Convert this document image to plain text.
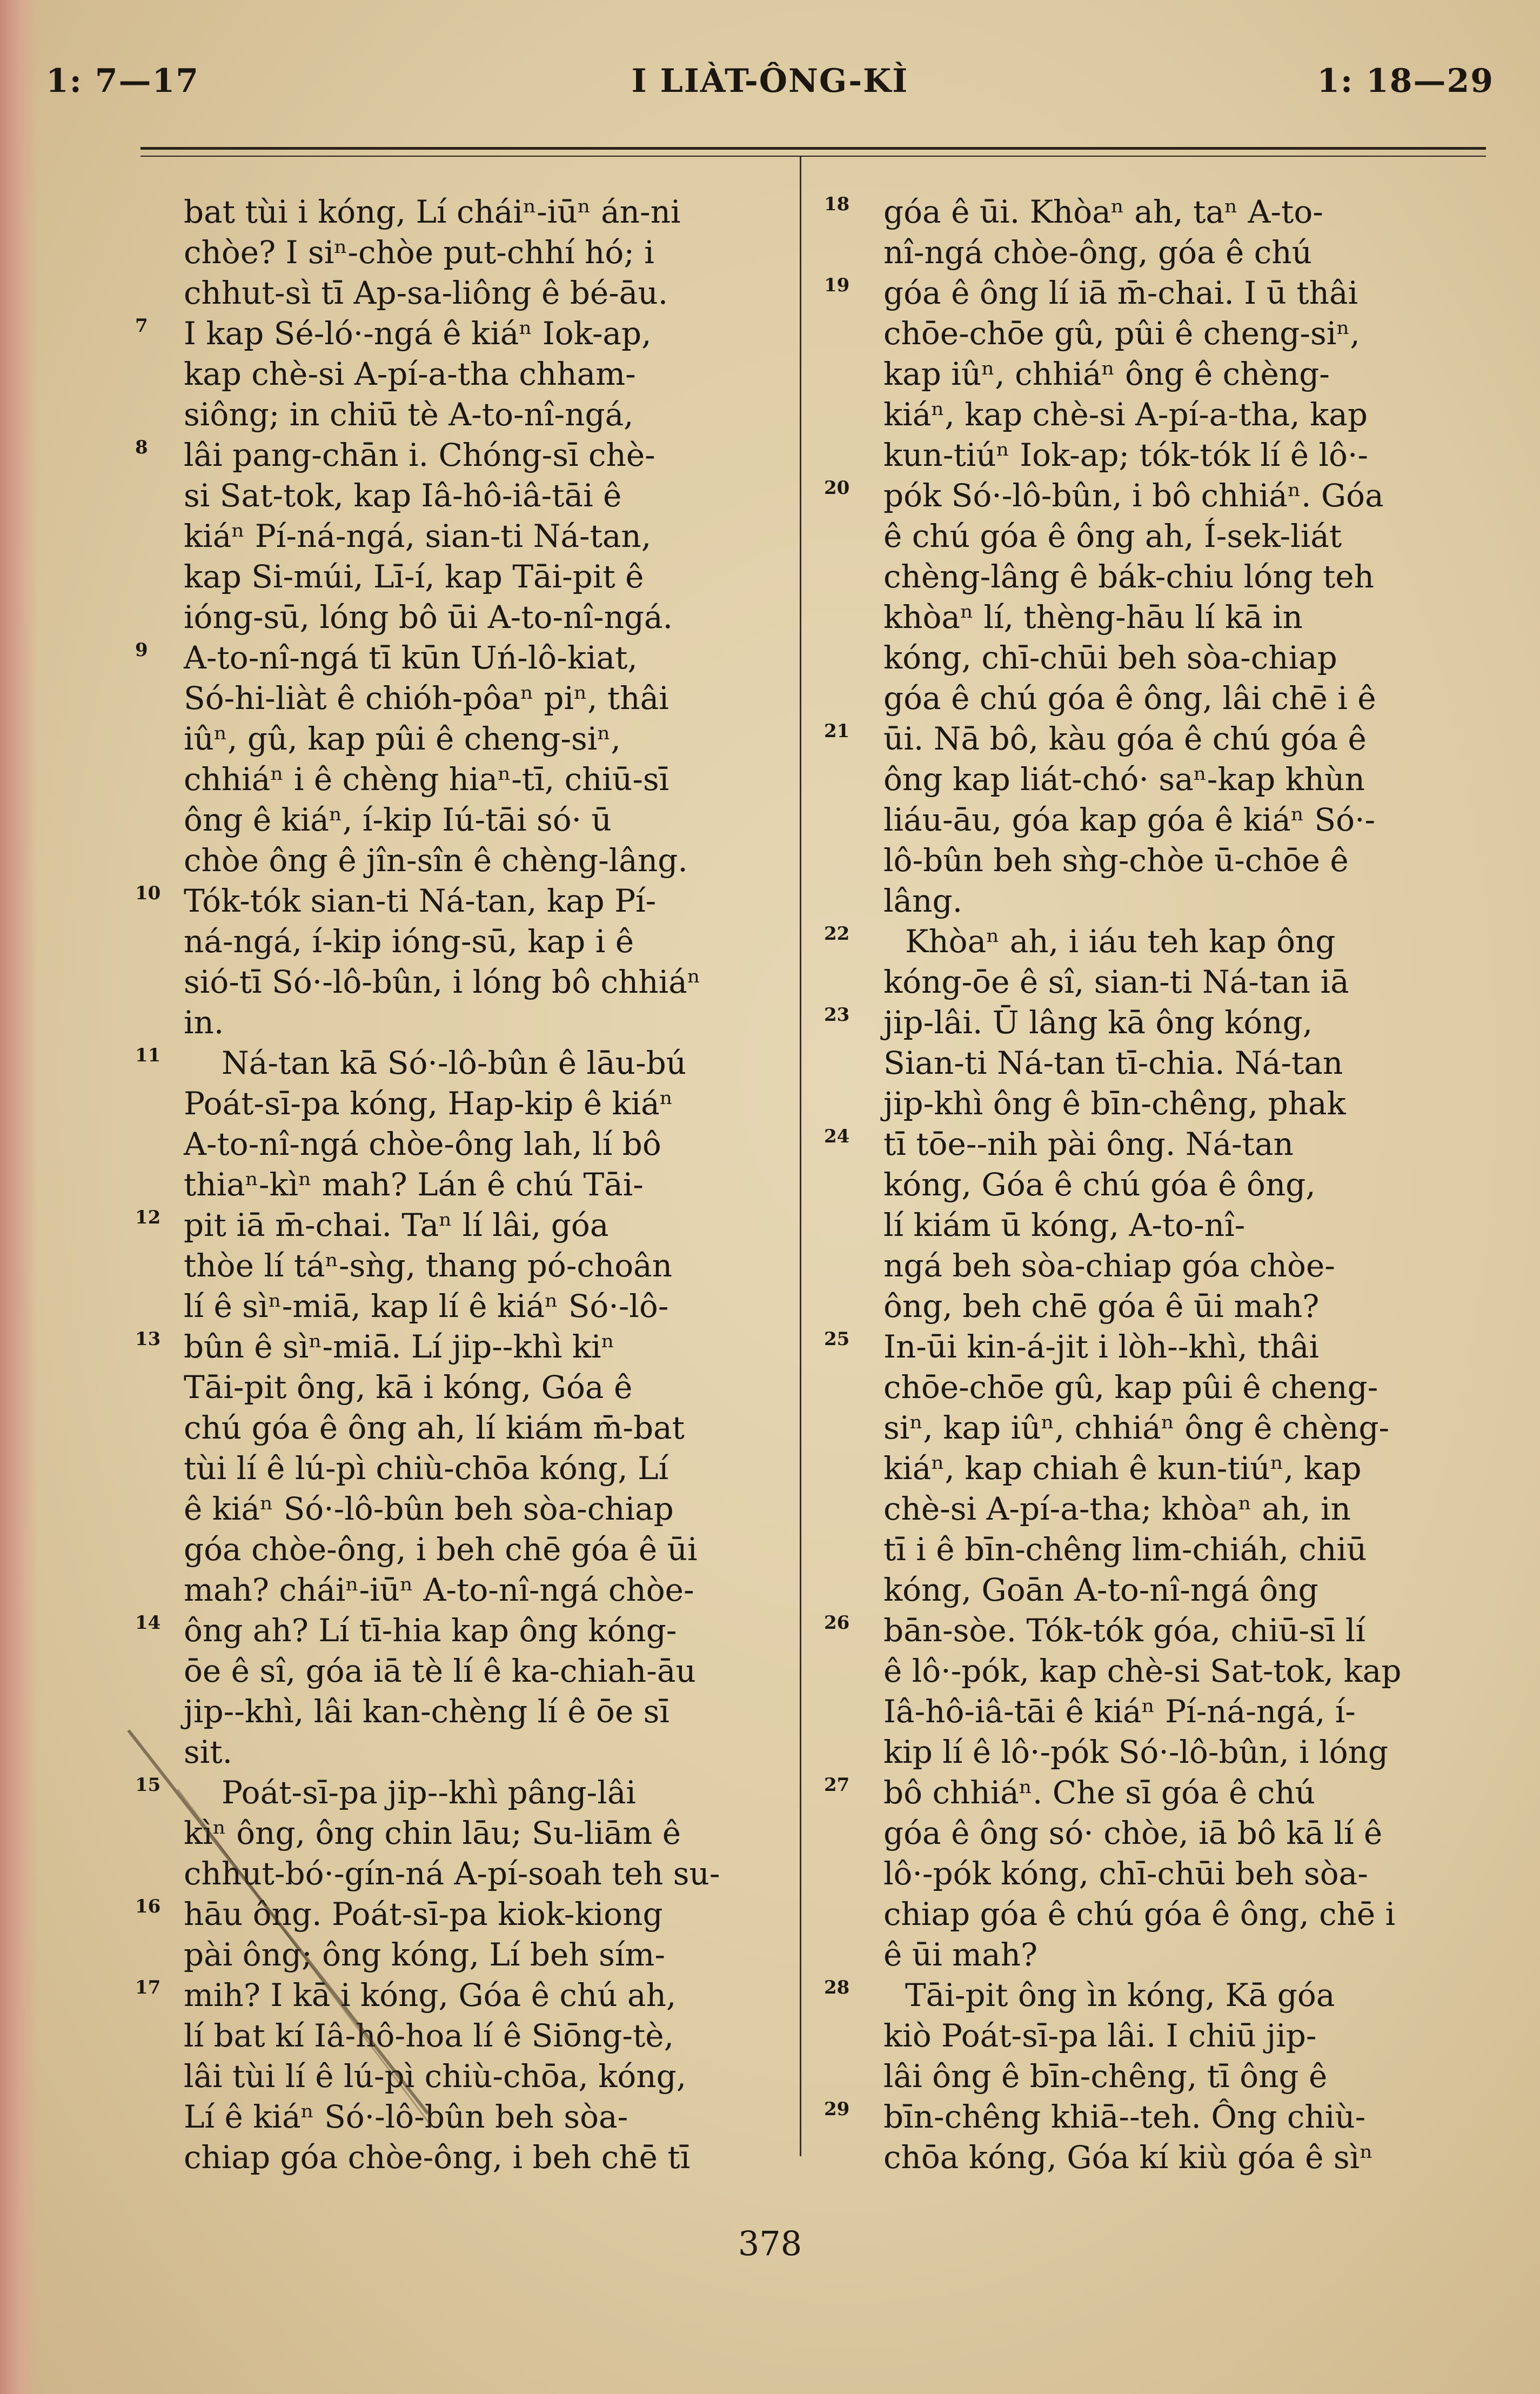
1: 7—17	I LIÀT-ÔNG-KÌ	1: 18—29
bat tùi i kóng, Lí cháiⁿ-iūⁿ án-ni
chòe? I siⁿ-chòe put-chhí hó; i
chhut-sì tī Ap-sa-liông ê bé-āu.
7 I kap Sé-ló·-ngá ê kiáⁿ Iok-ap,
kap chè-si A-pí-a-tha chham-
siông; in chiū tè A-to-nî-ngá,
8 lâi pang-chān i. Chóng-sī chè-
si Sat-tok, kap Iâ-hô-iâ-tāi ê
kiáⁿ Pí-ná-ngá, sian-ti Ná-tan,
kap Si-múi, Lī-í, kap Tāi-pit ê
ióng-sū, lóng bô ūi A-to-nî-ngá.
9 A-to-nî-ngá tī kūn Uń-lô-kiat,
Só-hi-liàt ê chióh-pôaⁿ piⁿ, thâi
iûⁿ, gû, kap pûi ê cheng-siⁿ,
chhiáⁿ i ê chèng hiaⁿ-tī, chiū-sī
ông ê kiáⁿ, í-kip Iú-tāi só· ū
chòe ông ê jîn-sîn ê chèng-lâng.
10 Tók-tók sian-ti Ná-tan, kap Pí-
ná-ngá, í-kip ióng-sū, kap i ê
sió-tī Só·-lô-bûn, i lóng bô chhiáⁿ
in.
11 Ná-tan kā Só·-lô-bûn ê lāu-bú
Poát-sī-pa kóng, Hap-kip ê kiáⁿ
A-to-nî-ngá chòe-ông lah, lí bô
thiaⁿ-kìⁿ mah? Lán ê chú Tāi-
12 pit iā m̄-chai. Taⁿ lí lâi, góa
thòe lí táⁿ-sǹg, thang pó-choân
lí ê sìⁿ-miā, kap lí ê kiáⁿ Só·-lô-
13 bûn ê sìⁿ-miā. Lí jip--khì kiⁿ
Tāi-pit ông, kā i kóng, Góa ê
chú góa ê ông ah, lí kiám m̄-bat
tùi lí ê lú-pì chiù-chōa kóng, Lí
ê kiáⁿ Só·-lô-bûn beh sòa-chiap
góa chòe-ông, i beh chē góa ê ūi
mah? cháiⁿ-iūⁿ A-to-nî-ngá chòe-
14 ông ah? Lí tī-hia kap ông kóng-
ōe ê sî, góa iā tè lí ê ka-chiah-āu
jip--khì, lâi kan-chèng lí ê ōe sī
sit.
15 Poát-sī-pa jip--khì pâng-lâi
kìⁿ ông, ông chin lāu; Su-liām ê
chhut-bó·-gín-ná A-pí-soah teh su-
16 hāu ông. Poát-sī-pa kiok-kiong
pài ông; ông kóng, Lí beh sím-
17 mih? I kā i kóng, Góa ê chú ah,
lí bat kí Iâ-hô-hoa lí ê Siōng-tè,
lâi tùi lí ê lú-pì chiù-chōa, kóng,
Lí ê kiáⁿ Só·-lô-bûn beh sòa-
chiap góa chòe-ông, i beh chē tī
18 góa ê ūi. Khòaⁿ ah, taⁿ A-to-
nî-ngá chòe-ông, góa ê chú
19 góa ê ông lí iā m̄-chai. I ū thâi
chōe-chōe gû, pûi ê cheng-siⁿ,
kap iûⁿ, chhiáⁿ ông ê chèng-
kiáⁿ, kap chè-si A-pí-a-tha, kap
kun-tiúⁿ Iok-ap; tók-tók lí ê lô·-
20 pók Só·-lô-bûn, i bô chhiáⁿ. Góa
ê chú góa ê ông ah, Í-sek-liát
chèng-lâng ê bák-chiu lóng teh
khòaⁿ lí, thèng-hāu lí kā in
kóng, chī-chūi beh sòa-chiap
góa ê chú góa ê ông, lâi chē i ê
21 ūi. Nā bô, kàu góa ê chú góa ê
ông kap liát-chó· saⁿ-kap khùn
liáu-āu, góa kap góa ê kiáⁿ Só·-
lô-bûn beh sǹg-chòe ū-chōe ê
lâng.
22 Khòaⁿ ah, i iáu teh kap ông
kóng-ōe ê sî, sian-ti Ná-tan iā
23 jip-lâi. Ū lâng kā ông kóng,
Sian-ti Ná-tan tī-chia. Ná-tan
jip-khì ông ê bīn-chêng, phak
24 tī tōe--nih pài ông. Ná-tan
kóng, Góa ê chú góa ê ông,
lí kiám ū kóng, A-to-nî-
ngá beh sòa-chiap góa chòe-
ông, beh chē góa ê ūi mah?
25 In-ūi kin-á-jit i lòh--khì, thâi
chōe-chōe gû, kap pûi ê cheng-
siⁿ, kap iûⁿ, chhiáⁿ ông ê chèng-
kiáⁿ, kap chiah ê kun-tiúⁿ, kap
chè-si A-pí-a-tha; khòaⁿ ah, in
tī i ê bīn-chêng lim-chiáh, chiū
kóng, Goān A-to-nî-ngá ông
26 bān-sòe. Tók-tók góa, chiū-sī lí
ê lô·-pók, kap chè-si Sat-tok, kap
Iâ-hô-iâ-tāi ê kiáⁿ Pí-ná-ngá, í-
kip lí ê lô·-pók Só·-lô-bûn, i lóng
27 bô chhiáⁿ. Che sī góa ê chú
góa ê ông só· chòe, iā bô kā lí ê
lô·-pók kóng, chī-chūi beh sòa-
chiap góa ê chú góa ê ông, chē i
ê ūi mah?
28 Tāi-pit ông ìn kóng, Kā góa
kiò Poát-sī-pa lâi. I chiū jip-
lâi ông ê bīn-chêng, tī ông ê
29 bīn-chêng khiā--teh. Ông chiù-
chōa kóng, Góa kí kiù góa ê sìⁿ
378
